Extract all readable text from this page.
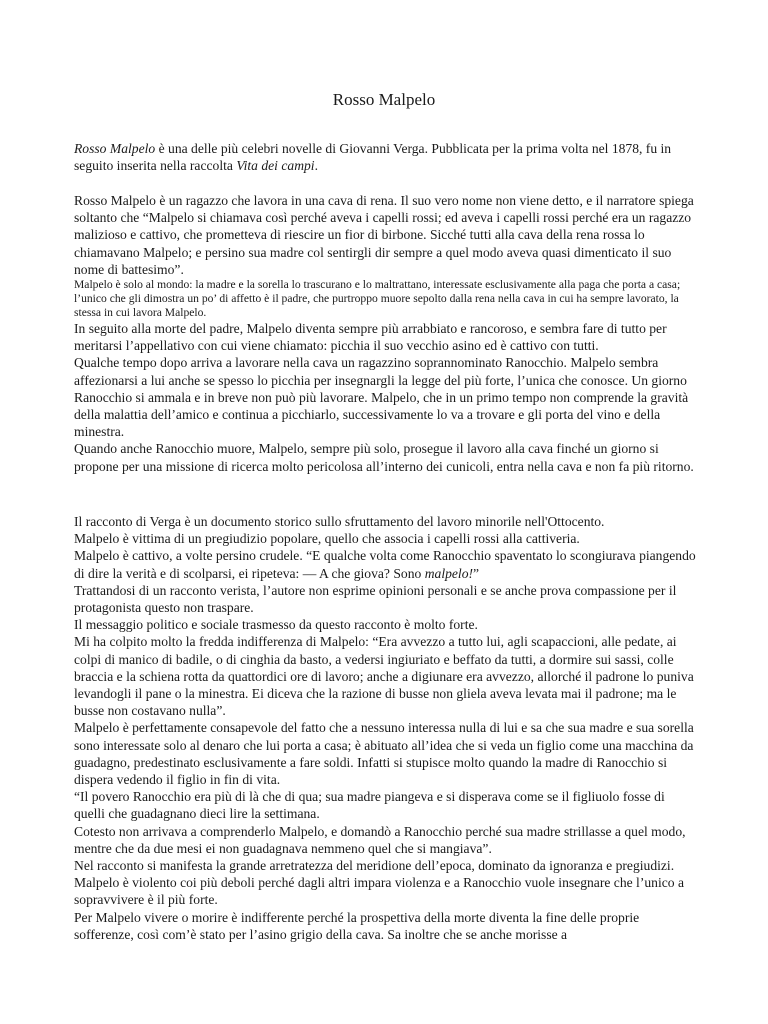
Rosso Malpelo

Rosso Malpelo è una delle più celebri novelle di Giovanni Verga. Pubblicata per la prima volta nel 1878, fu in seguito inserita nella raccolta Vita dei campi.

Rosso Malpelo è un ragazzo che lavora in una cava di rena. Il suo vero nome non viene detto, e il narratore spiega soltanto che “Malpelo si chiamava così perché aveva i capelli rossi; ed aveva i capelli rossi perché era un ragazzo malizioso e cattivo, che prometteva di riescire un fior di birbone. Sicché tutti alla cava della rena rossa lo chiamavano Malpelo; e persino sua madre col sentirgli dir sempre a quel modo aveva quasi dimenticato il suo nome di battesimo”.

Malpelo è solo al mondo: la madre e la sorella lo trascurano e lo maltrattano, interessate esclusivamente alla paga che porta a casa; l’unico che gli dimostra un po’ di affetto è il padre, che purtroppo muore sepolto dalla rena nella cava in cui ha sempre lavorato, la stessa in cui lavora Malpelo.

In seguito alla morte del padre, Malpelo diventa sempre più arrabbiato e rancoroso, e sembra fare di tutto per meritarsi l’appellativo con cui viene chiamato: picchia il suo vecchio asino ed è cattivo con tutti.

Qualche tempo dopo arriva a lavorare nella cava un ragazzino soprannominato Ranocchio. Malpelo sembra affezionarsi a lui anche se spesso lo picchia per insegnargli la legge del più forte, l’unica che conosce. Un giorno Ranocchio si ammala e in breve non può più lavorare. Malpelo, che in un primo tempo non comprende la gravità della malattia dell’amico e continua a picchiarlo, successivamente lo va a trovare e gli porta del vino e della minestra.

Quando anche Ranocchio muore, Malpelo, sempre più solo, prosegue il lavoro alla cava finché un giorno si propone per una missione di ricerca molto pericolosa all’interno dei cunicoli, entra nella cava e non fa più ritorno.

Il racconto di Verga è un documento storico sullo sfruttamento del lavoro minorile nell'Ottocento.

Malpelo è vittima di un pregiudizio popolare, quello che associa i capelli rossi alla cattiveria.

Malpelo è cattivo, a volte persino crudele. “E qualche volta come Ranocchio spaventato lo scongiurava piangendo di dire la verità e di scolparsi, ei ripeteva: — A che giova? Sono malpelo!”

Trattandosi di un racconto verista, l’autore non esprime opinioni personali e se anche prova compassione per il protagonista questo non traspare.

Il messaggio politico e sociale trasmesso da questo racconto è molto forte.

Mi ha colpito molto la fredda indifferenza di Malpelo: “Era avvezzo a tutto lui, agli scapaccioni, alle pedate, ai colpi di manico di badile, o di cinghia da basto, a vedersi ingiuriato e beffato da tutti, a dormire sui sassi, colle braccia e la schiena rotta da quattordici ore di lavoro; anche a digiunare era avvezzo, allorché il padrone lo puniva levandogli il pane o la minestra. Ei diceva che la razione di busse non gliela aveva levata mai il padrone; ma le busse non costavano nulla”.

Malpelo è perfettamente consapevole del fatto che a nessuno interessa nulla di lui e sa che sua madre e sua sorella sono interessate solo al denaro che lui porta a casa; è abituato all’idea che si veda un figlio come una macchina da guadagno, predestinato esclusivamente a fare soldi. Infatti si stupisce molto quando la madre di Ranocchio si dispera vedendo il figlio in fin di vita.

“Il povero Ranocchio era più di là che di qua; sua madre piangeva e si disperava come se il figliuolo fosse di quelli che guadagnano dieci lire la settimana.

Cotesto non arrivava a comprenderlo Malpelo, e domandò a Ranocchio perché sua madre strillasse a quel modo, mentre che da due mesi ei non guadagnava nemmeno quel che si mangiava”.

Nel racconto si manifesta la grande arretratezza del meridione dell’epoca, dominato da ignoranza e pregiudizi.

Malpelo è violento coi più deboli perché dagli altri impara violenza e a Ranocchio vuole insegnare che l’unico a sopravvivere è il più forte.

Per Malpelo vivere o morire è indifferente perché la prospettiva della morte diventa la fine delle proprie sofferenze, così com’è stato per l’asino grigio della cava. Sa inoltre che se anche morisse a
